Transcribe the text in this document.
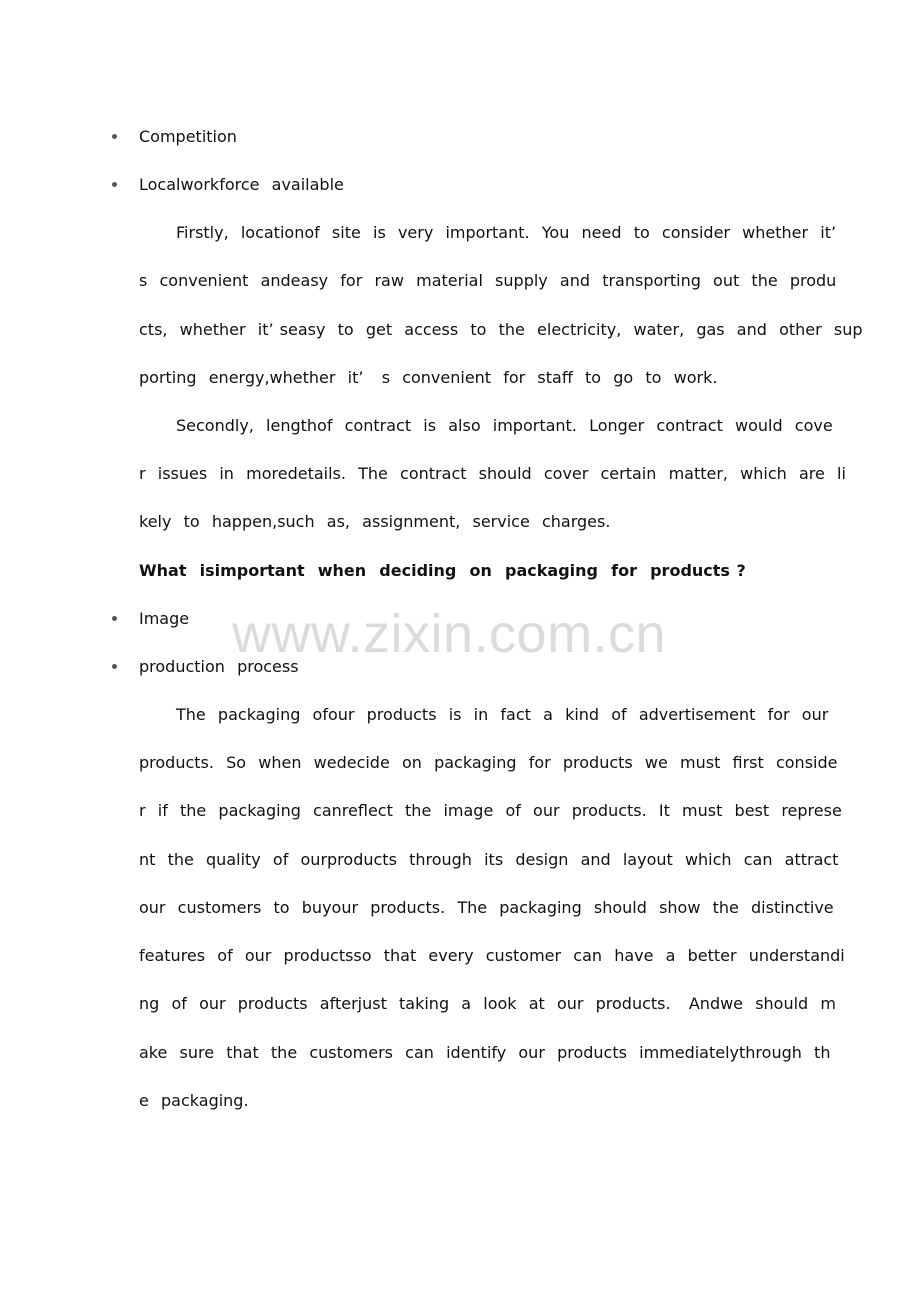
Competition
Localworkforce  available
Firstly,  locationof  site  is  very  important.  You  need  to  consider  whether  it’
s  convenient  andeasy  for  raw  material  supply  and  transporting  out  the  produ
cts,  whether  it’ seasy  to  get  access  to  the  electricity,  water,  gas  and  other  sup
porting  energy,whether  it’   s  convenient  for  staff  to  go  to  work.
Secondly,  lengthof  contract  is  also  important.  Longer  contract  would  cove
r  issues  in  moredetails.  The  contract  should  cover  certain  matter,  which  are  li
kely  to  happen,such  as,  assignment,  service  charges.
What  isimportant  when  deciding  on  packaging  for  products ?
Image
production  process
The  packaging  ofour  products  is  in  fact  a  kind  of  advertisement  for  our
products.  So  when  wedecide  on  packaging  for  products  we  must  first  conside
r  if  the  packaging  canreflect  the  image  of  our  products.  It  must  best  represe
nt  the  quality  of  ourproducts  through  its  design  and  layout  which  can  attract
our  customers  to  buyour  products.  The  packaging  should  show  the  distinctive
features  of  our  productsso  that  every  customer  can  have  a  better  understandi
ng  of  our  products  afterjust  taking  a  look  at  our  products.   Andwe  should  m
ake  sure  that  the  customers  can  identify  our  products  immediatelythrough  th
e  packaging.
www.zixin.com.cn
